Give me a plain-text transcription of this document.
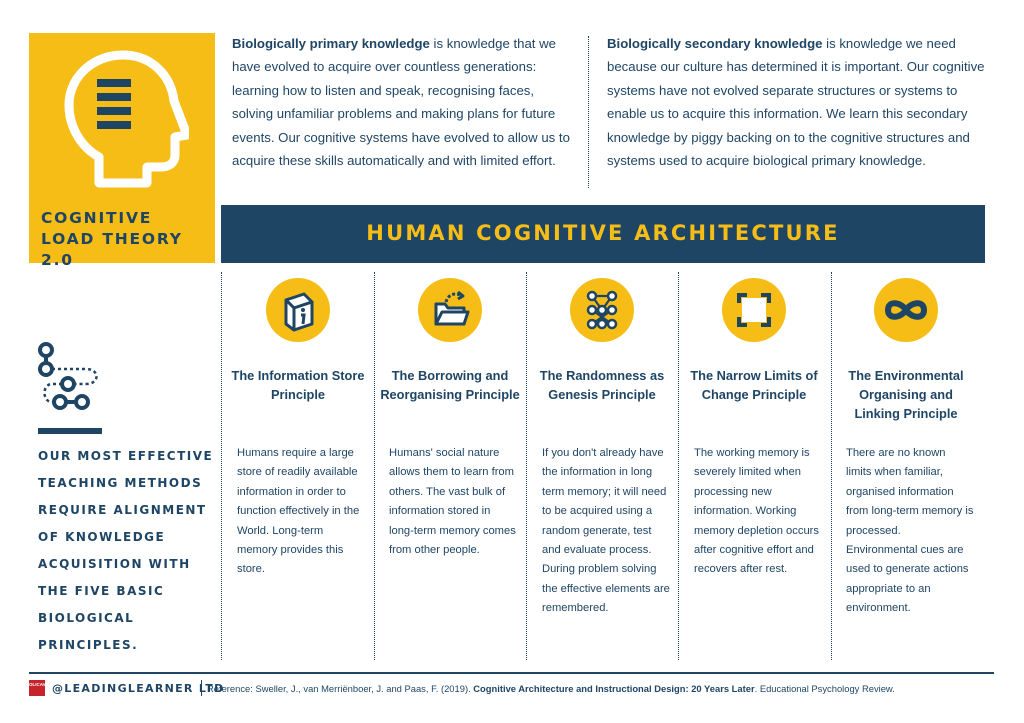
COGNITIVE LOAD THEORY 2.0
Biologically primary knowledge is knowledge that we have evolved to acquire over countless generations: learning how to listen and speak, recognising faces, solving unfamiliar problems and making plans for future events. Our cognitive systems have evolved to allow us to acquire these skills automatically and with limited effort.
Biologically secondary knowledge is knowledge we need because our culture has determined it is important. Our cognitive systems have not evolved separate structures or systems to enable us to acquire this information. We learn this secondary knowledge by piggy backing on to the cognitive structures and systems used to acquire biological primary knowledge.
HUMAN COGNITIVE ARCHITECTURE
OUR MOST EFFECTIVE TEACHING METHODS REQUIRE ALIGNMENT OF KNOWLEDGE ACQUISITION WITH THE FIVE BASIC BIOLOGICAL PRINCIPLES.
The Information Store Principle
Humans require a large store of readily available information in order to function effectively in the World. Long-term memory provides this store.
The Borrowing and Reorganising Principle
Humans' social nature allows them to learn from others. The vast bulk of information stored in long-term memory comes from other people.
The Randomness as Genesis Principle
If you don't already have the information in long term memory; it will need to be acquired using a random generate, test and evaluate process. During problem solving the effective elements are remembered.
The Narrow Limits of Change Principle
The working memory is severely limited when processing new information. Working memory depletion occurs after cognitive effort and recovers after rest.
The Environmental Organising and Linking Principle
There are no known limits when familiar, organised information from long-term memory is processed. Environmental cues are used to generate actions appropriate to an environment.
OLICAV @LEADINGLEARNER LTD
Reference: Sweller, J., van Merriënboer, J. and Paas, F. (2019). Cognitive Architecture and Instructional Design: 20 Years Later. Educational Psychology Review.
